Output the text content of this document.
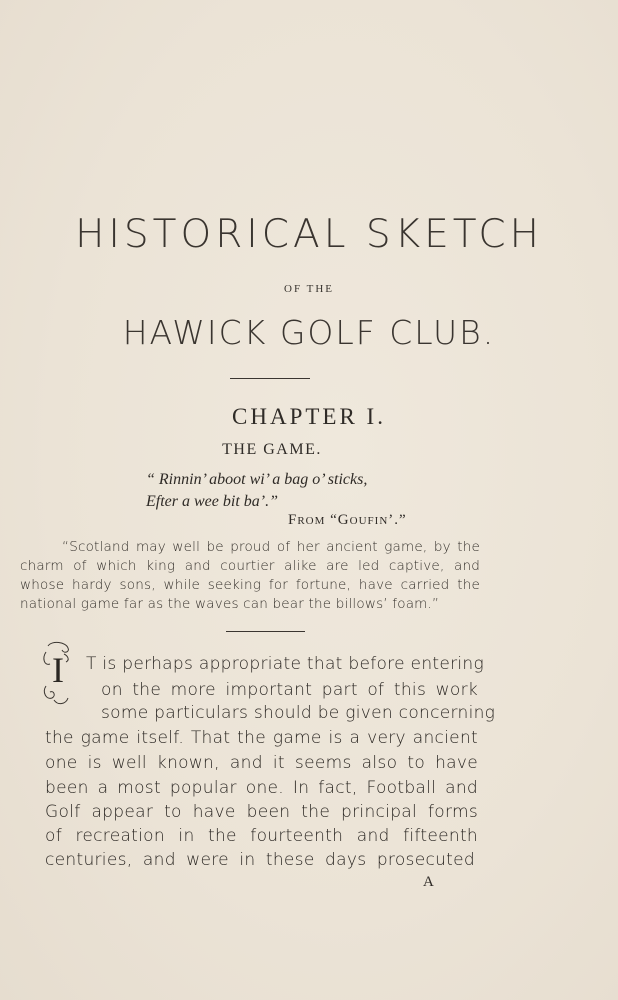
HISTORICAL SKETCH
OF THE
HAWICK GOLF CLUB.
CHAPTER I.
THE GAME.
“ Rinnin’ aboot wi’ a bag o’ sticks,
Efter a wee bit ba’.”
From “Goufin’.”
“Scotland may well be proud of her ancient game, by the
charm of which king and courtier alike are led captive, and
whose hardy sons, while seeking for fortune, have carried the
national game far as the waves can bear the billows’ foam.”
I T is perhaps appropriate that before entering
on the more important part of this work
some particulars should be given concerning
the game itself. That the game is a very ancient
one is well known, and it seems also to have
been a most popular one. In fact, Football and
Golf appear to have been the principal forms
of recreation in the fourteenth and fifteenth
centuries, and were in these days prosecuted
A
